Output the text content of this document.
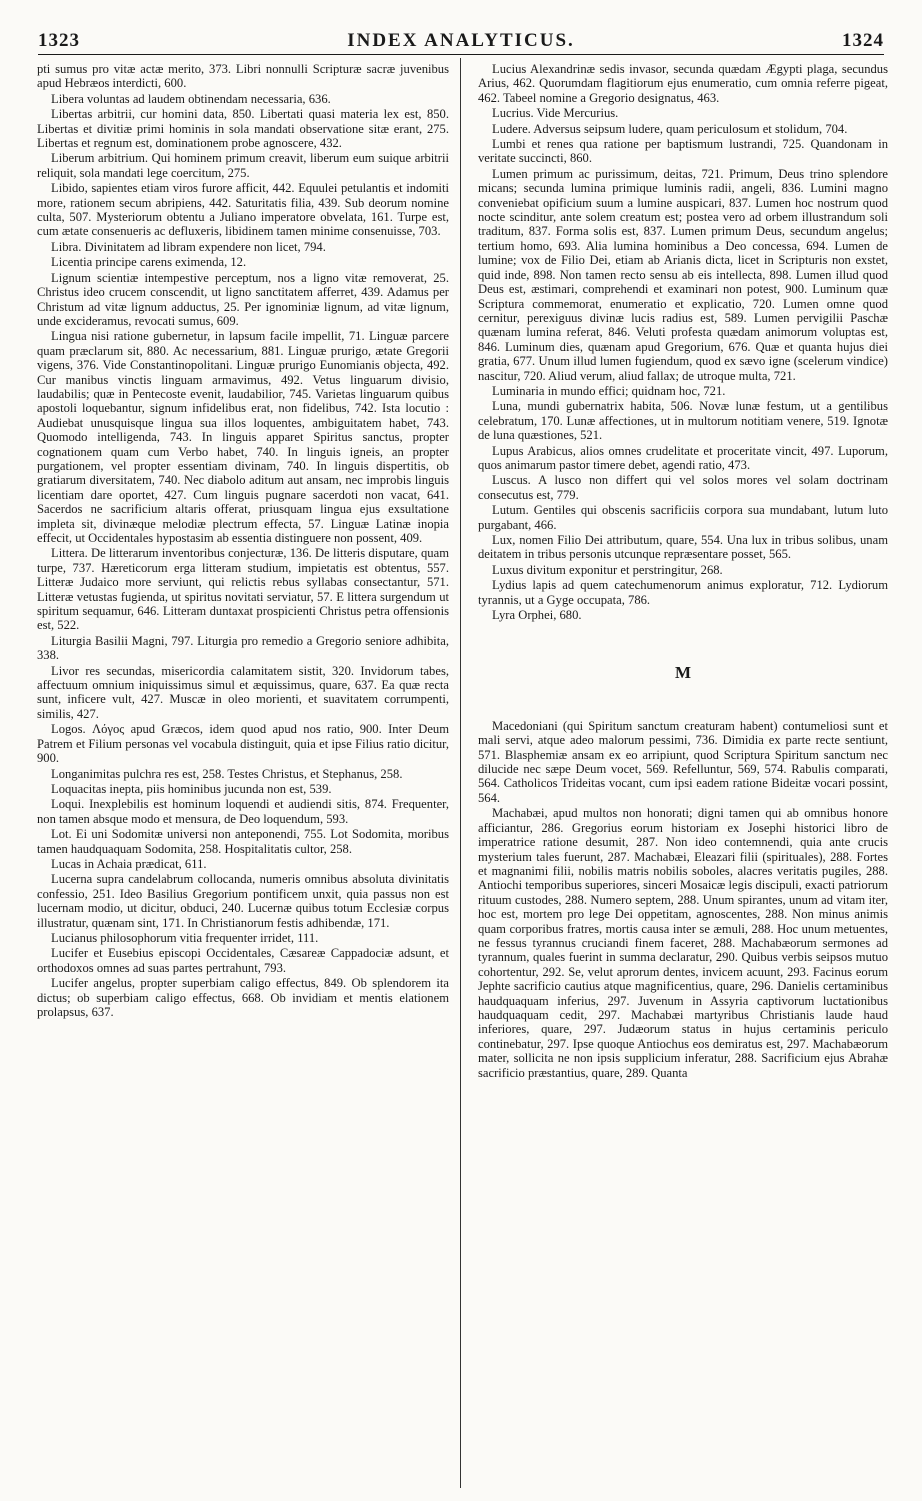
1323	INDEX ANALYTICUS.	1324

pti sumus pro vitæ actæ merito, 373. Libri nonnulli Scripturæ sacræ juvenibus apud Hebræos interdicti, 600.

Libera voluntas ad laudem obtinendam necessaria, 636.

Libertas arbitrii, cur homini data, 850. Libertati quasi materia lex est, 850. Libertas et divitiæ primi hominis in sola mandati observatione sitæ erant, 275. Libertas et regnum est, dominationem probe agnoscere, 432.

Liberum arbitrium. Qui hominem primum creavit, liberum eum suique arbitrii reliquit, sola mandati lege coercitum, 275.

Libido, sapientes etiam viros furore afficit, 442. Equulei petulantis et indomiti more, rationem secum abripiens, 442. Saturitatis filia, 439. Sub deorum nomine culta, 507. Mysteriorum obtentu a Juliano imperatore obvelata, 161. Turpe est, cum ætate consenueris ac defluxeris, libidinem tamen minime consenuisse, 703.

Libra. Divinitatem ad libram expendere non licet, 794.

Licentia principe carens eximenda, 12.

Lignum scientiæ intempestive perceptum, nos a ligno vitæ removerat, 25. Christus ideo crucem conscendit, ut ligno sanctitatem afferret, 439. Adamus per Christum ad vitæ lignum adductus, 25. Per ignominiæ lignum, ad vitæ lignum, unde excideramus, revocati sumus, 609.

Lingua nisi ratione gubernetur, in lapsum facile impellit, 71. Linguæ parcere quam præclarum sit, 880. Ac necessarium, 881. Linguæ prurigo, ætate Gregorii vigens, 376. Vide Constantinopolitani. Linguæ prurigo Eunomianis objecta, 492. Cur manibus vinctis linguam armavimus, 492. Vetus linguarum divisio, laudabilis; quæ in Pentecoste evenit, laudabilior, 745. Varietas linguarum quibus apostoli loquebantur, signum infidelibus erat, non fidelibus, 742. Ista locutio : Audiebat unusquisque lingua sua illos loquentes, ambiguitatem habet, 743. Quomodo intelligenda, 743. In linguis apparet Spiritus sanctus, propter cognationem quam cum Verbo habet, 740. In linguis igneis, an propter purgationem, vel propter essentiam divinam, 740. In linguis dispertitis, ob gratiarum diversitatem, 740. Nec diabolo aditum aut ansam, nec improbis linguis licentiam dare oportet, 427. Cum linguis pugnare sacerdoti non vacat, 641. Sacerdos ne sacrificium altaris offerat, priusquam lingua ejus exsultatione impleta sit, divinæque melodiæ plectrum effecta, 57. Linguæ Latinæ inopia effecit, ut Occidentales hypostasim ab essentia distinguere non possent, 409.

Littera. De litterarum inventoribus conjecturæ, 136. De litteris disputare, quam turpe, 737. Hæreticorum erga litteram studium, impietatis est obtentus, 557. Litteræ Judaico more serviunt, qui relictis rebus syllabas consectantur, 571. Litteræ vetustas fugienda, ut spiritus novitati serviatur, 57. E littera surgendum ut spiritum sequamur, 646. Litteram duntaxat prospicienti Christus petra offensionis est, 522.

Liturgia Basilii Magni, 797. Liturgia pro remedio a Gregorio seniore adhibita, 338.

Livor res secundas, misericordia calamitatem sistit, 320. Invidorum tabes, affectuum omnium iniquissimus simul et æquissimus, quare, 637. Ea quæ recta sunt, inficere vult, 427. Muscæ in oleo morienti, et suavitatem corrumpenti, similis, 427.

Logos. Λόγος apud Græcos, idem quod apud nos ratio, 900. Inter Deum Patrem et Filium personas vel vocabula distinguit, quia et ipse Filius ratio dicitur, 900.

Longanimitas pulchra res est, 258. Testes Christus, et Stephanus, 258.

Loquacitas inepta, piis hominibus jucunda non est, 539.

Loqui. Inexplebilis est hominum loquendi et audiendi sitis, 874. Frequenter, non tamen absque modo et mensura, de Deo loquendum, 593.

Lot. Ei uni Sodomitæ universi non anteponendi, 755. Lot Sodomita, moribus tamen haudquaquam Sodomita, 258. Hospitalitatis cultor, 258.

Lucas in Achaia prædicat, 611.

Lucerna supra candelabrum collocanda, numeris omnibus absoluta divinitatis confessio, 251. Ideo Basilius Gregorium pontificem unxit, quia passus non est lucernam modio, ut dicitur, obduci, 240. Lucernæ quibus totum Ecclesiæ corpus illustratur, quænam sint, 171. In Christianorum festis adhibendæ, 171.

Lucianus philosophorum vitia frequenter irridet, 111.

Lucifer et Eusebius episcopi Occidentales, Cæsareæ Cappadociæ adsunt, et orthodoxos omnes ad suas partes pertrahunt, 793.

Lucifer angelus, propter superbiam caligo effectus, 849. Ob splendorem ita dictus; ob superbiam caligo effectus, 668. Ob invidiam et mentis elationem prolapsus, 637.

Lucius Alexandrinæ sedis invasor, secunda quædam Ægypti plaga, secundus Arius, 462. Quorumdam flagitiorum ejus enumeratio, cum omnia referre pigeat, 462. Tabeel nomine a Gregorio designatus, 463.

Lucrius. Vide Mercurius.

Ludere. Adversus seipsum ludere, quam periculosum et stolidum, 704.

Lumbi et renes qua ratione per baptismum lustrandi, 725. Quandonam in veritate succincti, 860.

Lumen primum ac purissimum, deitas, 721. Primum, Deus trino splendore micans; secunda lumina primique luminis radii, angeli, 836. Lumini magno conveniebat opificium suum a lumine auspicari, 837. Lumen hoc nostrum quod nocte scinditur, ante solem creatum est; postea vero ad orbem illustrandum soli traditum, 837. Forma solis est, 837. Lumen primum Deus, secundum angelus; tertium homo, 693. Alia lumina hominibus a Deo concessa, 694. Lumen de lumine; vox de Filio Dei, etiam ab Arianis dicta, licet in Scripturis non exstet, quid inde, 898. Non tamen recto sensu ab eis intellecta, 898. Lumen illud quod Deus est, æstimari, comprehendi et examinari non potest, 900. Luminum quæ Scriptura commemorat, enumeratio et explicatio, 720. Lumen omne quod cernitur, perexiguus divinæ lucis radius est, 589. Lumen pervigilii Paschæ quænam lumina referat, 846. Veluti profesta quædam animorum voluptas est, 846. Luminum dies, quænam apud Gregorium, 676. Quæ et quanta hujus diei gratia, 677. Unum illud lumen fugiendum, quod ex sævo igne (scelerum vindice) nascitur, 720. Aliud verum, aliud fallax; de utroque multa, 721.

Luminaria in mundo effici; quidnam hoc, 721.

Luna, mundi gubernatrix habita, 506. Novæ lunæ festum, ut a gentilibus celebratum, 170. Lunæ affectiones, ut in multorum notitiam venere, 519. Ignotæ de luna quæstiones, 521.

Lupus Arabicus, alios omnes crudelitate et proceritate vincit, 497. Luporum, quos animarum pastor timere debet, agendi ratio, 473.

Luscus. A lusco non differt qui vel solos mores vel solam doctrinam consecutus est, 779.

Lutum. Gentiles qui obscenis sacrificiis corpora sua mundabant, lutum luto purgabant, 466.

Lux, nomen Filio Dei attributum, quare, 554. Una lux in tribus solibus, unam deitatem in tribus personis utcunque repræsentare posset, 565.

Luxus divitum exponitur et perstringitur, 268.

Lydius lapis ad quem catechumenorum animus exploratur, 712. Lydiorum tyrannis, ut a Gyge occupata, 786.

Lyra Orphei, 680.

M

Macedoniani (qui Spiritum sanctum creaturam habent) contumeliosi sunt et mali servi, atque adeo malorum pessimi, 736. Dimidia ex parte recte sentiunt, 571. Blasphemiæ ansam ex eo arripiunt, quod Scriptura Spiritum sanctum nec dilucide nec sæpe Deum vocet, 569. Refelluntur, 569, 574. Rabulis comparati, 564. Catholicos Trideitas vocant, cum ipsi eadem ratione Bideitæ vocari possint, 564.

Machabæi, apud multos non honorati; digni tamen qui ab omnibus honore afficiantur, 286. Gregorius eorum historiam ex Josephi historici libro de imperatrice ratione desumit, 287. Non ideo contemnendi, quia ante crucis mysterium tales fuerunt, 287. Machabæi, Eleazari filii (spirituales), 288. Fortes et magnanimi filii, nobilis matris nobilis soboles, alacres veritatis pugiles, 288. Antiochi temporibus superiores, sinceri Mosaicæ legis discipuli, exacti patriorum rituum custodes, 288. Numero septem, 288. Unum spirantes, unum ad vitam iter, hoc est, mortem pro lege Dei oppetitam, agnoscentes, 288. Non minus animis quam corporibus fratres, mortis causa inter se æmuli, 288. Hoc unum metuentes, ne fessus tyrannus cruciandi finem faceret, 288. Machabæorum sermones ad tyrannum, quales fuerint in summa declaratur, 290. Quibus verbis seipsos mutuo cohortentur, 292. Se, velut aprorum dentes, invicem acuunt, 293. Facinus eorum Jephte sacrificio cautius atque magnificentius, quare, 296. Danielis certaminibus haudquaquam inferius, 297. Juvenum in Assyria captivorum luctationibus haudquaquam cedit, 297. Machabæi martyribus Christianis laude haud inferiores, quare, 297. Judæorum status in hujus certaminis periculo continebatur, 297. Ipse quoque Antiochus eos demiratus est, 297. Machabæorum mater, sollicita ne non ipsis supplicium inferatur, 288. Sacrificium ejus Abrahæ sacrificio præstantius, quare, 289. Quanta
